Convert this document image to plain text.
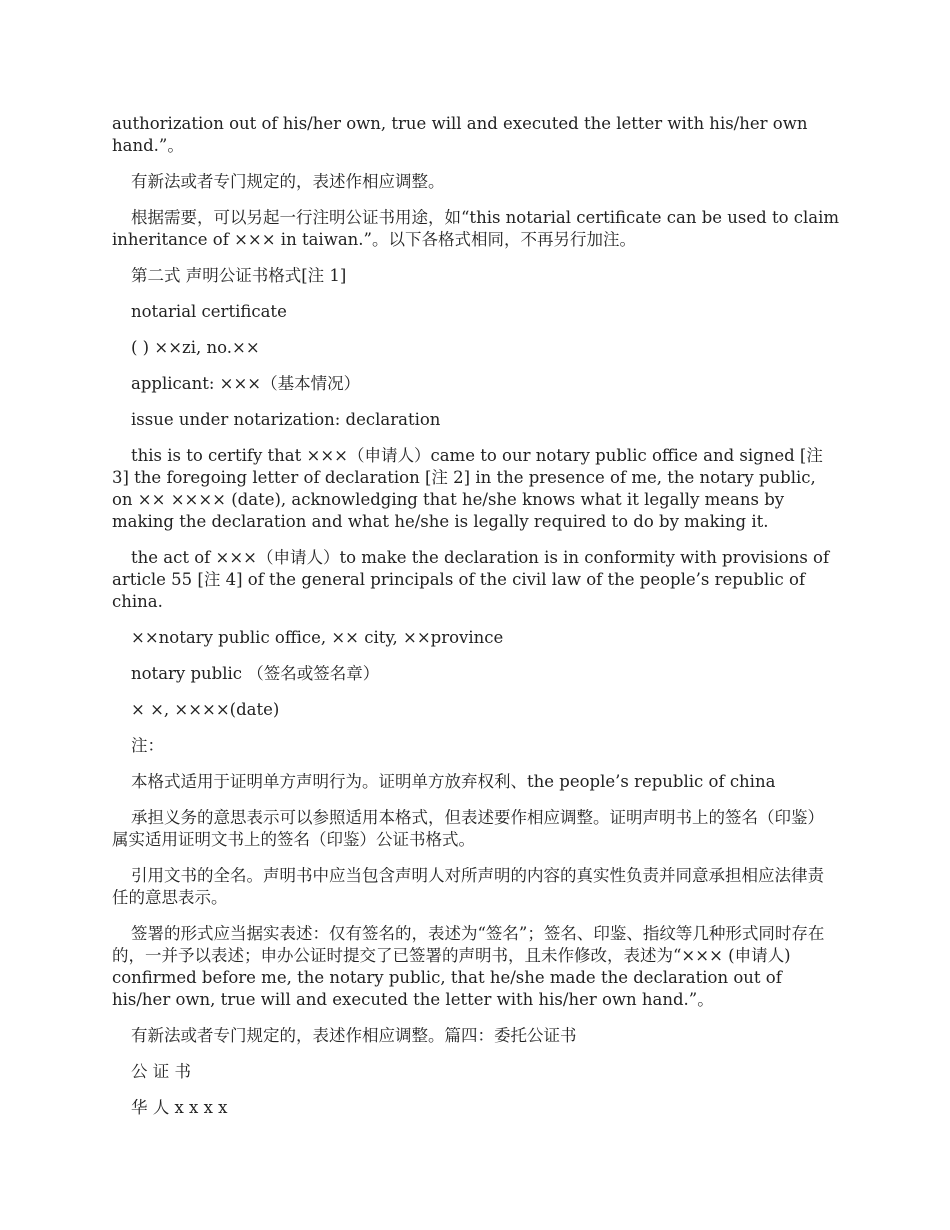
authorization out of his/her own, true will and executed the letter with his/her own hand.”。

有新法或者专门规定的，表述作相应调整。

根据需要，可以另起一行注明公证书用途，如“this notarial certificate can be used to claim inheritance of ××× in taiwan.”。以下各格式相同，不再另行加注。

第二式 声明公证书格式[注 1]

notarial certificate

( ) ××zi, no.××

applicant: ×××（基本情况）

issue under notarization: declaration

this is to certify that ×××（申请人）came to our notary public office and signed [注 3] the foregoing letter of declaration [注 2] in the presence of me, the notary public, on ×× ×××× (date), acknowledging that he/she knows what it legally means by making the declaration and what he/she is legally required to do by making it.

the act of ×××（申请人）to make the declaration is in conformity with provisions of article 55 [注 4] of the general principals of the civil law of the people’s republic of china.

××notary public office, ×× city, ××province

notary public （签名或签名章）

× ×, ××××(date)

注：

本格式适用于证明单方声明行为。证明单方放弃权利、the people’s republic of china

承担义务的意思表示可以参照适用本格式，但表述要作相应调整。证明声明书上的签名（印鉴）属实适用证明文书上的签名（印鉴）公证书格式。

引用文书的全名。声明书中应当包含声明人对所声明的内容的真实性负责并同意承担相应法律责任的意思表示。

签署的形式应当据实表述：仅有签名的，表述为“签名”；签名、印鉴、指纹等几种形式同时存在的，一并予以表述；申办公证时提交了已签署的声明书，且未作修改，表述为“××× (申请人) confirmed before me, the notary public, that he/she made the declaration out of his/her own, true will and executed the letter with his/her own hand.”。

有新法或者专门规定的，表述作相应调整。篇四：委托公证书

公 证 书

华 人 x x x x
